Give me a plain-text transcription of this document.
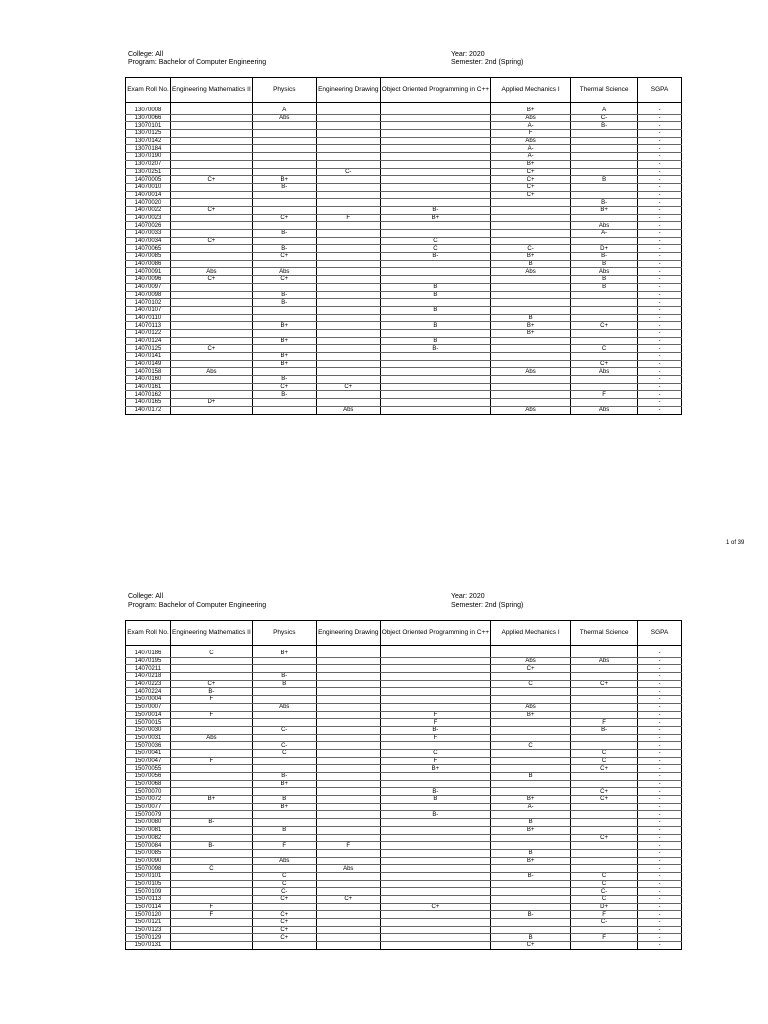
College: All
Program: Bachelor of Computer Engineering
Year: 2020
Semester: 2nd (Spring)
Exam Roll No.	Engineering Mathematics II	Physics	Engineering Drawing	Object Oriented Programming in C++	Applied Mechanics I	Thermal Science	SGPA

13070008		A			B+	A	-
13070066		Abs			Abs	C-	-
13070101					A-	B-	-
13070125					F		-
13070142					Abs		-
13070184					A-		-
13070190					A-		-
13070207					B+		-
13070251			C-		C+		-
14070005	C+	B+			C+	B	-
14070010		B-			C+		-
14070014					C+		-
14070020						B-	-
14070022	C+			B-		B+	-
14070023		C+	F	B+			-
14070026						Abs	-
14070033		B-				A-	-
14070034	C+			C			-
14070065		B-		C	C-	D+	-
14070085		C+		B-	B+	B-	-
14070086					B	B	-
14070091	Abs	Abs			Abs	Abs	-
14070096	C+	C+				B	-
14070097				B		B	-
14070098		B-		B			-
14070102		B-					-
14070107				B			-
14070110					B		-
14070113		B+		B	B+	C+	-
14070122					B+		-
14070124		B+		B			-
14070125	C+			B-		C	-
14070141		B+					-
14070149		B+				C+	-
14070158	Abs				Abs	Abs	-
14070160		B-					-
14070161		C+	C+				-
14070162		B-				F	-
14070165	D+						-
14070172			Abs		Abs	Abs	-
1 of 39
College: All
Program: Bachelor of Computer Engineering
Year: 2020
Semester: 2nd (Spring)
Exam Roll No.	Engineering Mathematics II	Physics	Engineering Drawing	Object Oriented Programming in C++	Applied Mechanics I	Thermal Science	SGPA

14070186	C	B+					-
14070195					Abs	Abs	-
14070211					C+		-
14070218		B-					-
14070223	C+	B			C	C+	-
14070224	B-						-
15070004	F						-
15070007		Abs			Abs		-
15070014	F			F	B+		-
15070015				F		F	-
15070030		C-		B-		B-	-
15070031	Abs			F			-
15070036		C-			C		-
15070041		C		C		C	-
15070047	F			F		C	-
15070055				B+		C+	-
15070056		B-			B		-
15070068		B+					-
15070070				B-		C+	-
15070072	B+	B		B	B+	C+	-
15070077		B+			A-		-
15070079				B-			-
15070080	B-				B		-
15070081		B			B+		-
15070082						C+	-
15070084	B-	F	F				-
15070085					B		-
15070090		Abs			B+		-
15070098	C		Abs				-
15070101		C			B-	C	-
15070105		C				C	-
15070109		C-				C-	-
15070113		C+	C+			C	-
15070114	F			C+		D+	-
15070120	F	C+			B-	F	-
15070121		C+				C-	-
15070123		C+					-
15070129		C+			B	F	-
15070131					C+		-
